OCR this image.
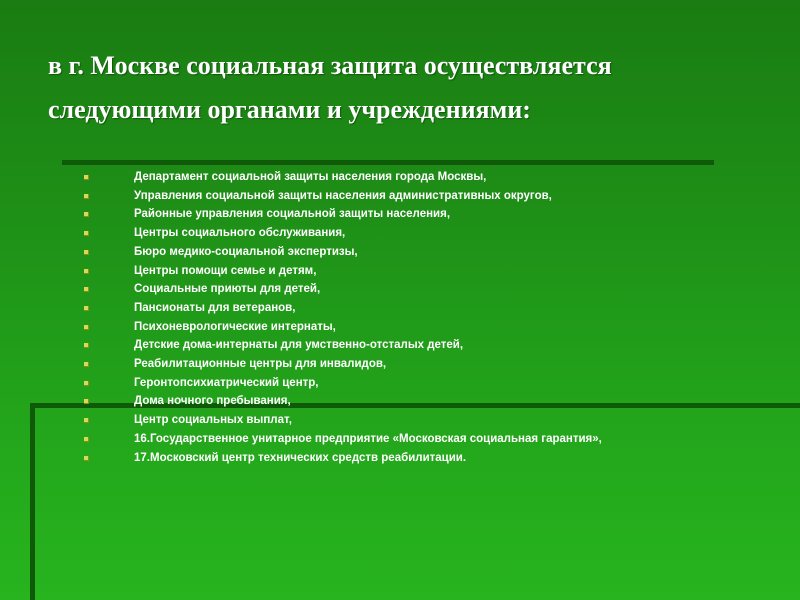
в г. Москве социальная защита осуществляется
следующими органами и учреждениями:
Департамент социальной защиты населения города Москвы,
Управления социальной защиты населения административных округов,
Районные управления социальной защиты населения,
Центры социального обслуживания,
Бюро медико-социальной экспертизы,
Центры помощи семье и детям,
Социальные приюты для детей,
Пансионаты для ветеранов,
Психоневрологические интернаты,
Детские дома-интернаты для умственно-отсталых детей,
Реабилитационные центры для инвалидов,
Геронтопсихиатрический центр,
Дома ночного пребывания,
Центр социальных выплат,
16.Государственное унитарное предприятие «Московская социальная гарантия»,
17.Московский центр технических средств реабилитации.
